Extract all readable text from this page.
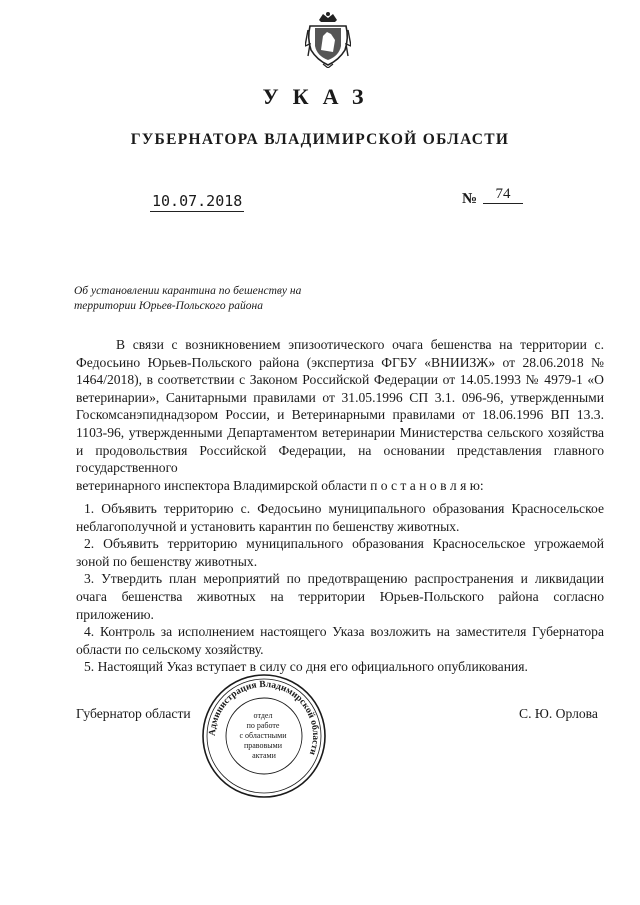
УКАЗ
ГУБЕРНАТОРА ВЛАДИМИРСКОЙ ОБЛАСТИ
10.07.2018	№	74
Об установлении карантина по бешенству на
территории Юрьев-Польского района
В связи с возникновением эпизоотического очага бешенства на территории с. Федосьино Юрьев-Польского района (экспертиза ФГБУ «ВНИИЗЖ» от 28.06.2018 № 1464/2018), в соответствии с Законом Российской Федерации от 14.05.1993 № 4979-1 «О ветеринарии», Санитарными правилами от 31.05.1996 СП 3.1. 096-96, утвержденными Госкомсанэпиднадзором России, и Ветеринарными правилами от 18.06.1996 ВП 13.3. 1103-96, утвержденными Департаментом ветеринарии Министерства сельского хозяйства и продовольствия Российской Федерации, на основании представления главного государственного
ветеринарного инспектора Владимирской области п о с т а н о в л я ю:
1. Объявить территорию с. Федосьино муниципального образования Красносельское неблагополучной и установить карантин по бешенству животных.
2. Объявить территорию муниципального образования Красносельское угрожаемой зоной по бешенству животных.
3. Утвердить план мероприятий по предотвращению распространения и ликвидации очага бешенства животных на территории Юрьев-Польского района согласно приложению.
4. Контроль за исполнением настоящего Указа возложить на заместителя Губернатора области по сельскому хозяйству.
5. Настоящий Указ вступает в силу со дня его официального опубликования.
Губернатор области	С. Ю. Орлова
Администрация Владимирской области
отдел по работе с областными правовыми актами
